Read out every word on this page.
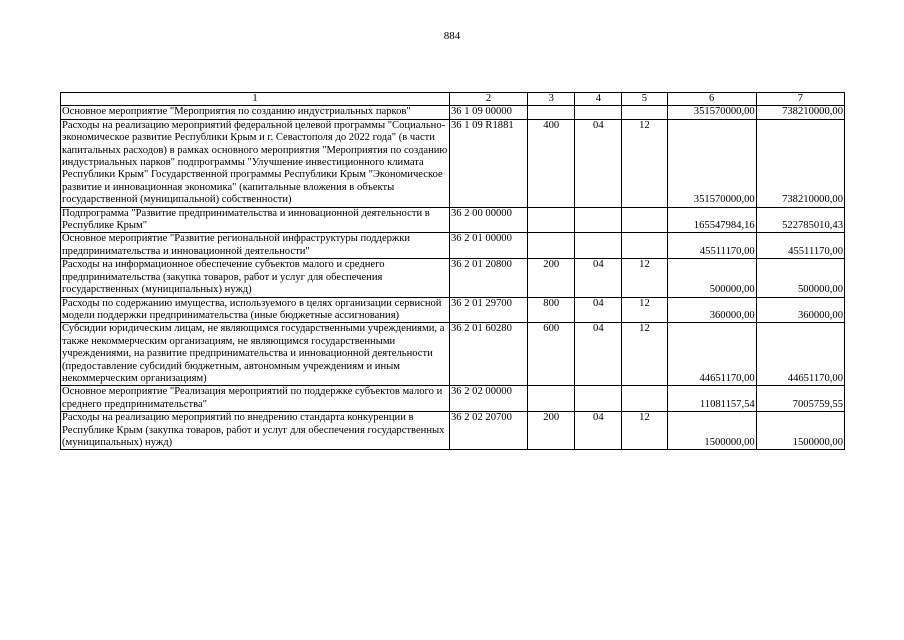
884
1	2	3	4	5	6	7
Основное мероприятие "Мероприятия по созданию индустриальных парков"	36 1 09 00000				351570000,00	738210000,00
Расходы на реализацию мероприятий федеральной целевой программы "Социально-экономическое развитие Республики Крым и г. Севастополя до 2022 года" (в части капитальных расходов) в рамках основного мероприятия "Мероприятия по созданию индустриальных парков" подпрограммы "Улучшение инвестиционного климата Республики Крым" Государственной программы Республики Крым "Экономическое развитие и инновационная экономика" (капитальные вложения в объекты государственной (муниципальной) собственности)	36 1 09 R1881	400	04	12	351570000,00	738210000,00
Подпрограмма "Развитие предпринимательства и инновационной деятельности в Республике Крым"	36 2 00 00000				165547984,16	522785010,43
Основное мероприятие "Развитие региональной инфраструктуры поддержки предпринимательства и инновационной деятельности"	36 2 01 00000				45511170,00	45511170,00
Расходы на информационное обеспечение субъектов малого и среднего предпринимательства (закупка товаров, работ и услуг для обеспечения государственных (муниципальных) нужд)	36 2 01 20800	200	04	12	500000,00	500000,00
Расходы по содержанию имущества, используемого в целях организации сервисной модели поддержки предпринимательства (иные бюджетные ассигнования)	36 2 01 29700	800	04	12	360000,00	360000,00
Субсидии юридическим лицам, не являющимся государственными учреждениями, а также некоммерческим организациям, не являющимся государственными учреждениями, на развитие предпринимательства и инновационной деятельности (предоставление субсидий бюджетным, автономным учреждениям и иным некоммерческим организациям)	36 2 01 60280	600	04	12	44651170,00	44651170,00
Основное мероприятие "Реализация мероприятий по поддержке субъектов малого и среднего предпринимательства"	36 2 02 00000				11081157,54	7005759,55
Расходы на реализацию мероприятий по внедрению стандарта конкуренции в Республике Крым (закупка товаров, работ и услуг для обеспечения государственных (муниципальных) нужд)	36 2 02 20700	200	04	12	1500000,00	1500000,00
